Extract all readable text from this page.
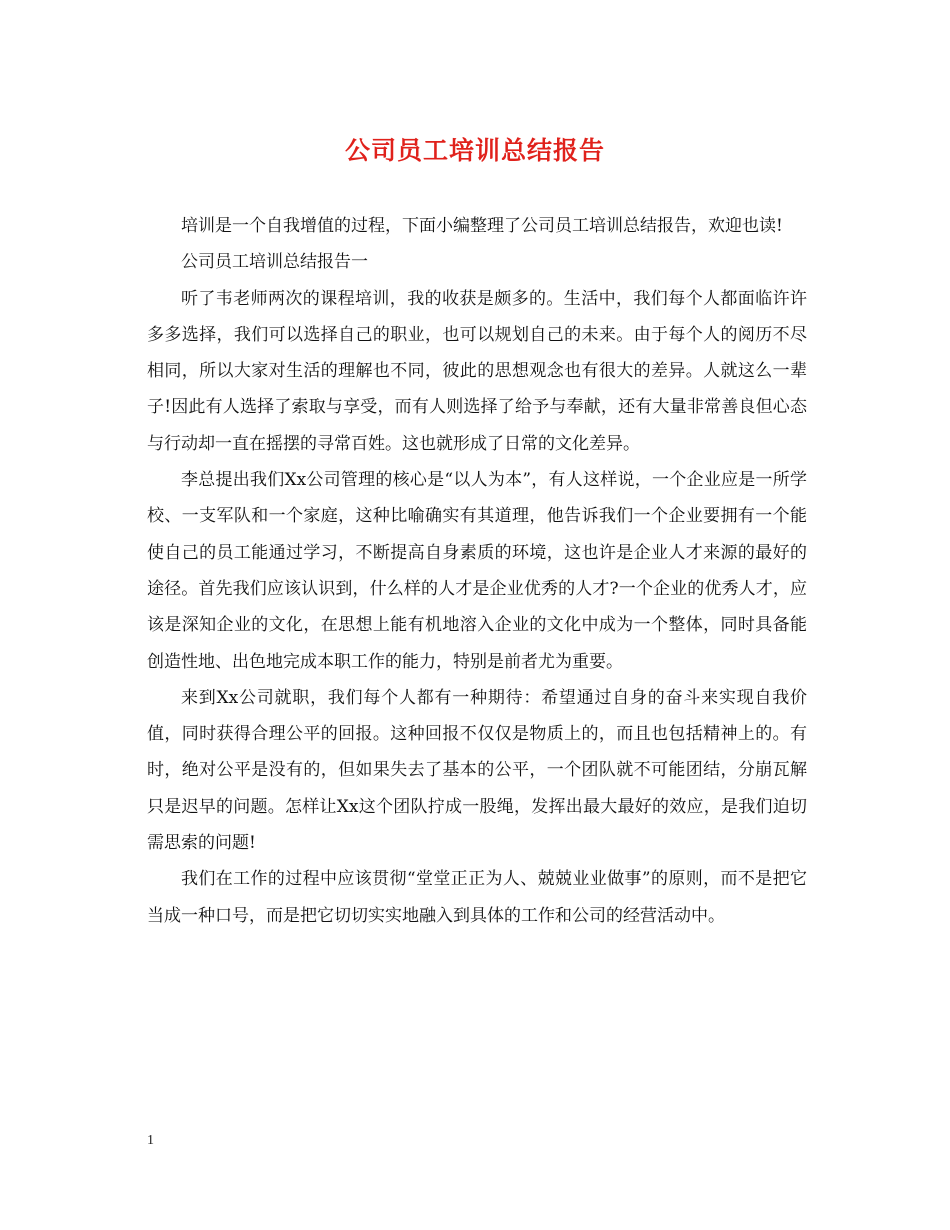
公司员工培训总结报告

培训是一个自我增值的过程，下面小编整理了公司员工培训总结报告，欢迎也读!

公司员工培训总结报告一

听了韦老师两次的课程培训，我的收获是颇多的。生活中，我们每个人都面临许许多多选择，我们可以选择自己的职业，也可以规划自己的未来。由于每个人的阅历不尽相同，所以大家对生活的理解也不同，彼此的思想观念也有很大的差异。人就这么一辈子!因此有人选择了索取与享受，而有人则选择了给予与奉献，还有大量非常善良但心态与行动却一直在摇摆的寻常百姓。这也就形成了日常的文化差异。

李总提出我们Xx公司管理的核心是“以人为本”，有人这样说，一个企业应是一所学校、一支军队和一个家庭，这种比喻确实有其道理，他告诉我们一个企业要拥有一个能使自己的员工能通过学习，不断提高自身素质的环境，这也许是企业人才来源的最好的途径。首先我们应该认识到，什么样的人才是企业优秀的人才?一个企业的优秀人才，应该是深知企业的文化，在思想上能有机地溶入企业的文化中成为一个整体，同时具备能创造性地、出色地完成本职工作的能力，特别是前者尤为重要。

来到Xx公司就职，我们每个人都有一种期待：希望通过自身的奋斗来实现自我价值，同时获得合理公平的回报。这种回报不仅仅是物质上的，而且也包括精神上的。有时，绝对公平是没有的，但如果失去了基本的公平，一个团队就不可能团结，分崩瓦解只是迟早的问题。怎样让Xx这个团队拧成一股绳，发挥出最大最好的效应，是我们迫切需思索的问题!

我们在工作的过程中应该贯彻“堂堂正正为人、兢兢业业做事”的原则，而不是把它当成一种口号，而是把它切切实实地融入到具体的工作和公司的经营活动中。

1
